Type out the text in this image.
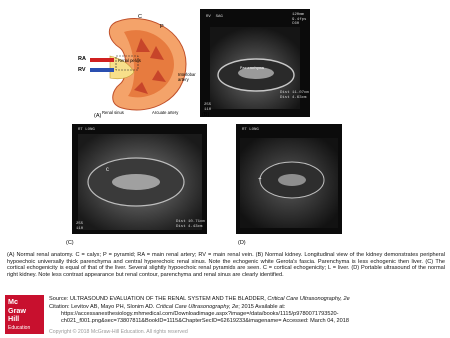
C
P
RA
RV
Renal pelvis
Interlobar artery
Arcuate artery
Renal sinus
(A)
RV  SAG
Parenchyma
120mm
9.4fps
C60
255
110
Dist 11.07cm
Dist 4.63cm
(B)
RT LONG
C
255
110
Dist 10.71cm
Dist 4.43cm
(C)
RT LONG
+
(D)
(A) Normal renal anatomy. C = calyx; P = pyramid; RA = main renal artery; RV = main renal vein. (B) Normal kidney. Longitudinal view of the kidney demonstrates peripheral hypoechoic universally thick parenchyma and central hyperechoic renal sinus. Note the echogenic white Gerota's fascia. Parenchyma is less echogenic then liver. (C) The cortical echogenicity is equal of that of the liver. Several slightly hypoechoic renal pyramids are seen. C = cortical echogenicity; L = liver. (D) Portable ultrasound of the normal right kidney. Note less contrast appearance but renal contour, parenchyma and renal sinus are clearly identified.
Mc
Graw
Hill
Education
Source: ULTRASOUND EVALUATION OF THE RENAL SYSTEM AND THE BLADDER, Critical Care Ultrasonography, 2e
Citation: Levitov AB, Mayo PH, Slonim AD. Critical Care Ultrasonography, 2e; 2015 Available at:
https://accessanesthesiology.mhmedical.com/Downloadimage.aspx?image=/data/books/1115/p9780071793520-ch021_f001.png&sec=73807811&BookID=1115&ChapterSecID=62619233&imagename= Accessed: March 04, 2018
Copyright © 2018 McGraw-Hill Education. All rights reserved
